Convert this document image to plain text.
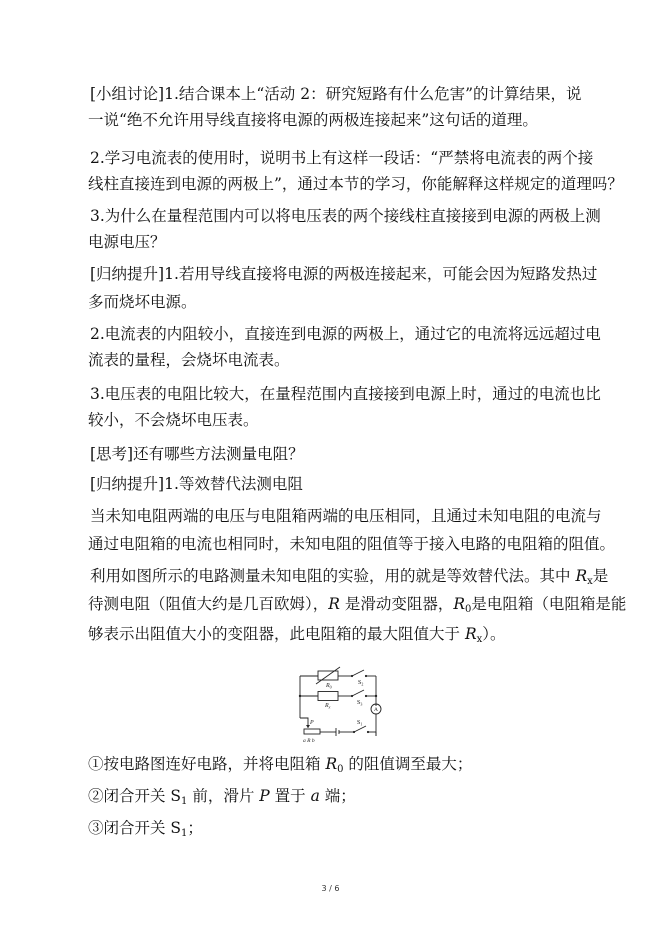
[小组讨论]1.结合课本上“活动 2：研究短路有什么危害”的计算结果，说
一说“绝不允许用导线直接将电源的两极连接起来”这句话的道理。
2.学习电流表的使用时，说明书上有这样一段话：“严禁将电流表的两个接
线柱直接连到电源的两极上”，通过本节的学习，你能解释这样规定的道理吗？
3.为什么在量程范围内可以将电压表的两个接线柱直接接到电源的两极上测
电源电压？
[归纳提升]1.若用导线直接将电源的两极连接起来，可能会因为短路发热过
多而烧坏电源。
2.电流表的内阻较小，直接连到电源的两极上，通过它的电流将远远超过电
流表的量程，会烧坏电流表。
3.电压表的电阻比较大，在量程范围内直接接到电源上时，通过的电流也比
较小，不会烧坏电压表。
[思考]还有哪些方法测量电阻？
[归纳提升]1.等效替代法测电阻
当未知电阻两端的电压与电阻箱两端的电压相同，且通过未知电阻的电流与
通过电阻箱的电流也相同时，未知电阻的阻值等于接入电路的电阻箱的阻值。
利用如图所示的电路测量未知电阻的实验，用的就是等效替代法。其中 $R_x$是
待测电阻（阻值大约是几百欧姆），R 是滑动变阻器，$R_0$是电阻箱（电阻箱是能
够表示出阻值大小的变阻器，此电阻箱的最大阻值大于 $R_x$）。
$R_0$
$S_2$
$R_x$
$S_3$
A
P
a R b
$S_1$
①按电路图连好电路，并将电阻箱 $R_0$ 的阻值调至最大；
②闭合开关 $S_1$ 前，滑片 P 置于 a 端；
③闭合开关 $S_1$；
3 / 6
